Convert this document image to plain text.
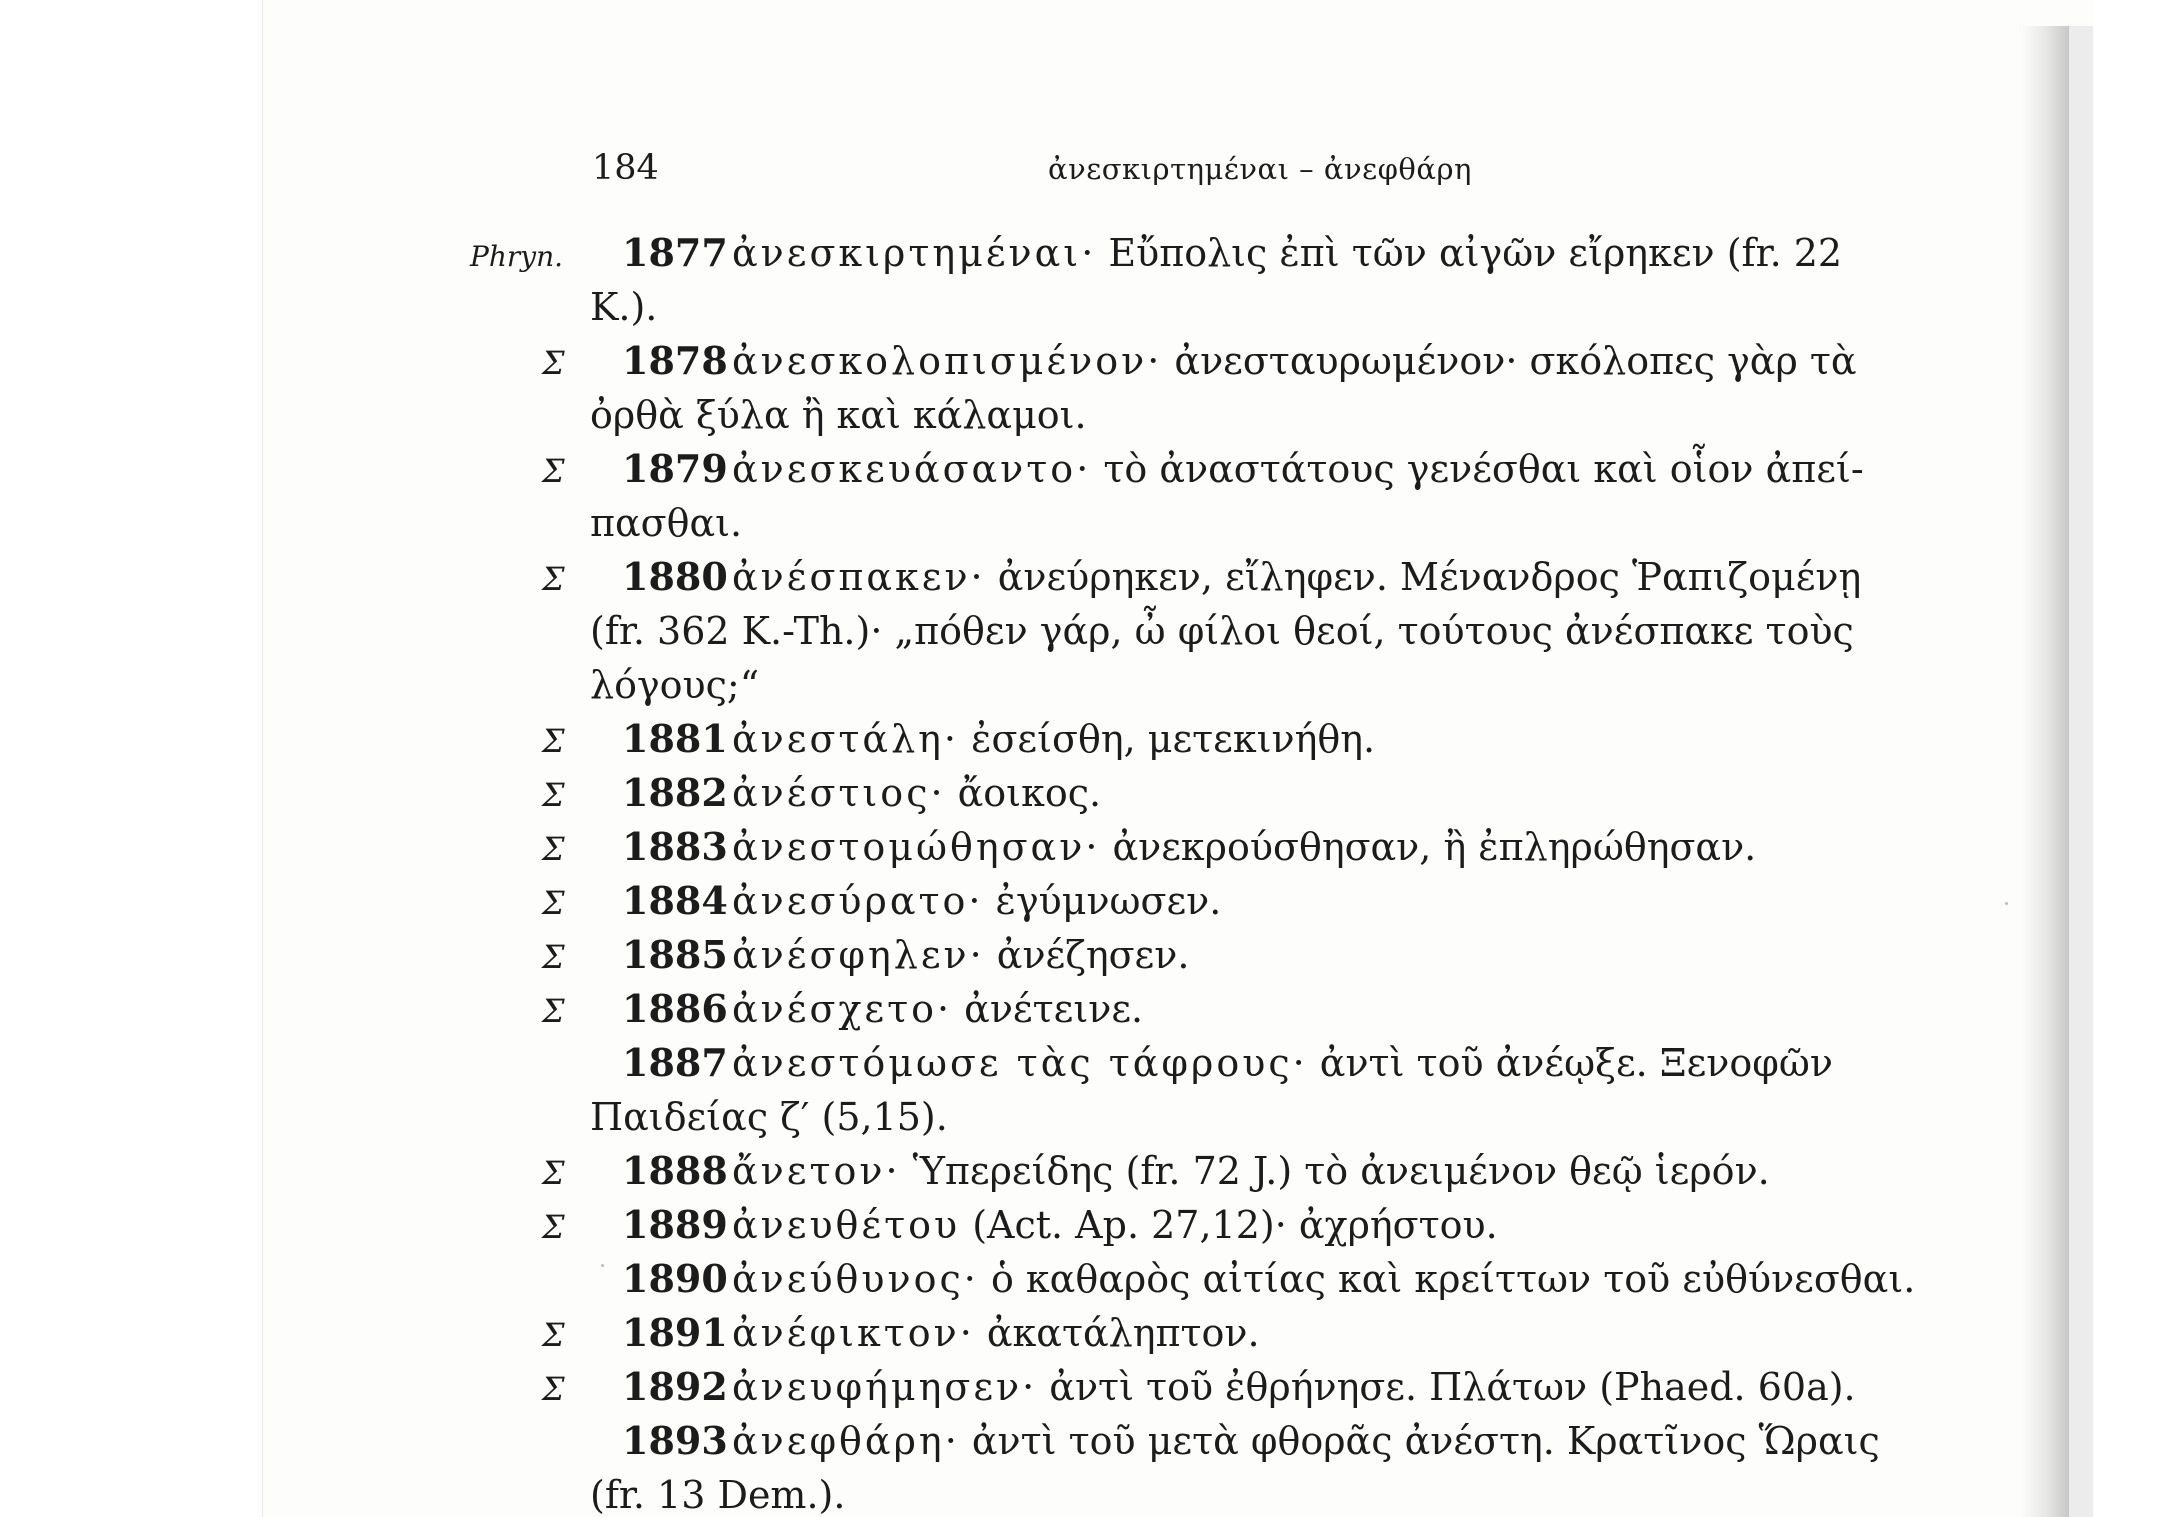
184	ἀνεσκιρτημέναι – ἀνεφθάρη
Phryn.	1877 ἀνεσκιρτημέναι· Εὔπολις ἐπὶ τῶν αἰγῶν εἴρηκεν (fr. 22
K.).
Σ	1878 ἀνεσκολοπισμένον· ἀνεσταυρωμένον· σκόλοπες γὰρ τὰ
ὀρθὰ ξύλα ἢ καὶ κάλαμοι.
Σ	1879 ἀνεσκευάσαντο· τὸ ἀναστάτους γενέσθαι καὶ οἷον ἀπεί-
πασθαι.
Σ	1880 ἀνέσπακεν· ἀνεύρηκεν, εἴληφεν. Μένανδρος Ῥαπιζομένῃ
(fr. 362 K.-Th.)· „πόθεν γάρ, ὦ φίλοι θεοί, τούτους ἀνέσπακε τοὺς
λόγους;“
Σ	1881 ἀνεστάλη· ἐσείσθη, μετεκινήθη.
Σ	1882 ἀνέστιος· ἄοικος.
Σ	1883 ἀνεστομώθησαν· ἀνεκρούσθησαν, ἢ ἐπληρώθησαν.
Σ	1884 ἀνεσύρατο· ἐγύμνωσεν.
Σ	1885 ἀνέσφηλεν· ἀνέζησεν.
Σ	1886 ἀνέσχετο· ἀνέτεινε.
1887 ἀνεστόμωσε τὰς τάφρους· ἀντὶ τοῦ ἀνέῳξε. Ξενοφῶν
Παιδείας ζ′ (5,15).
Σ	1888 ἄνετον· Ὑπερείδης (fr. 72 J.) τὸ ἀνειμένον θεῷ ἱερόν.
Σ	1889 ἀνευθέτου (Act. Ap. 27,12)· ἀχρήστου.
1890 ἀνεύθυνος· ὁ καθαρὸς αἰτίας καὶ κρείττων τοῦ εὐθύνεσθαι.
Σ	1891 ἀνέφικτον· ἀκατάληπτον.
Σ	1892 ἀνευφήμησεν· ἀντὶ τοῦ ἐθρήνησε. Πλάτων (Phaed. 60a).
1893 ἀνεφθάρη· ἀντὶ τοῦ μετὰ φθορᾶς ἀνέστη. Κρατῖνος Ὥραις
(fr. 13 Dem.).
